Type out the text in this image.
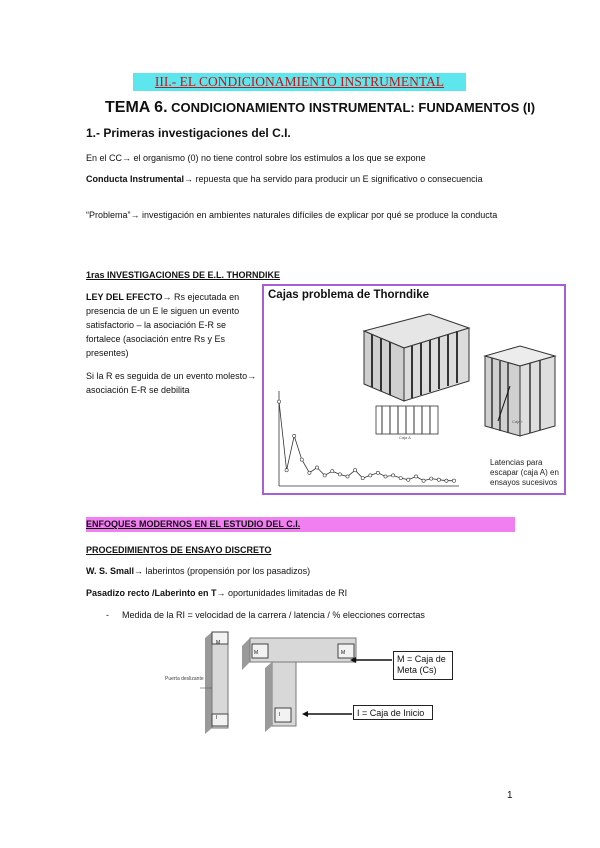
III.- EL CONDICIONAMIENTO INSTRUMENTAL
TEMA 6. CONDICIONAMIENTO INSTRUMENTAL: FUNDAMENTOS (I)
1.- Primeras investigaciones del C.I.
En el CC→ el organismo (0) no tiene control sobre los estímulos a los que se expone
Conducta Instrumental→ repuesta que ha servido para producir un E significativo o consecuencia
“Problema”→ investigación en ambientes naturales difíciles de explicar por qué se produce la conducta
1ras INVESTIGACIONES DE E.L. THORNDIKE
LEY DEL EFECTO→ Rs ejecutada en presencia de un E le siguen un evento satisfactorio – la asociación E-R se fortalece (asociación entre Rs y Es presentes)
Si la R es seguida de un evento molesto→ asociación E-R se debilita
Cajas problema de Thorndike
Caja A
Caja I
Latencias para escapar (caja A) en ensayos sucesivos
ENFOQUES MODERNOS EN EL ESTUDIO DEL C.I.
PROCEDIMIENTOS DE ENSAYO DISCRETO
W. S. Small→ laberintos (propensión por los pasadizos)
Pasadizo recto /Laberinto en T→ oportunidades limitadas de RI
- Medida de la RI = velocidad de la carrera / latencia / % elecciones correctas
M
I
M	M
I
Puerta deslizante
M = Caja de Meta (Cs)
I = Caja de Inicio
1
